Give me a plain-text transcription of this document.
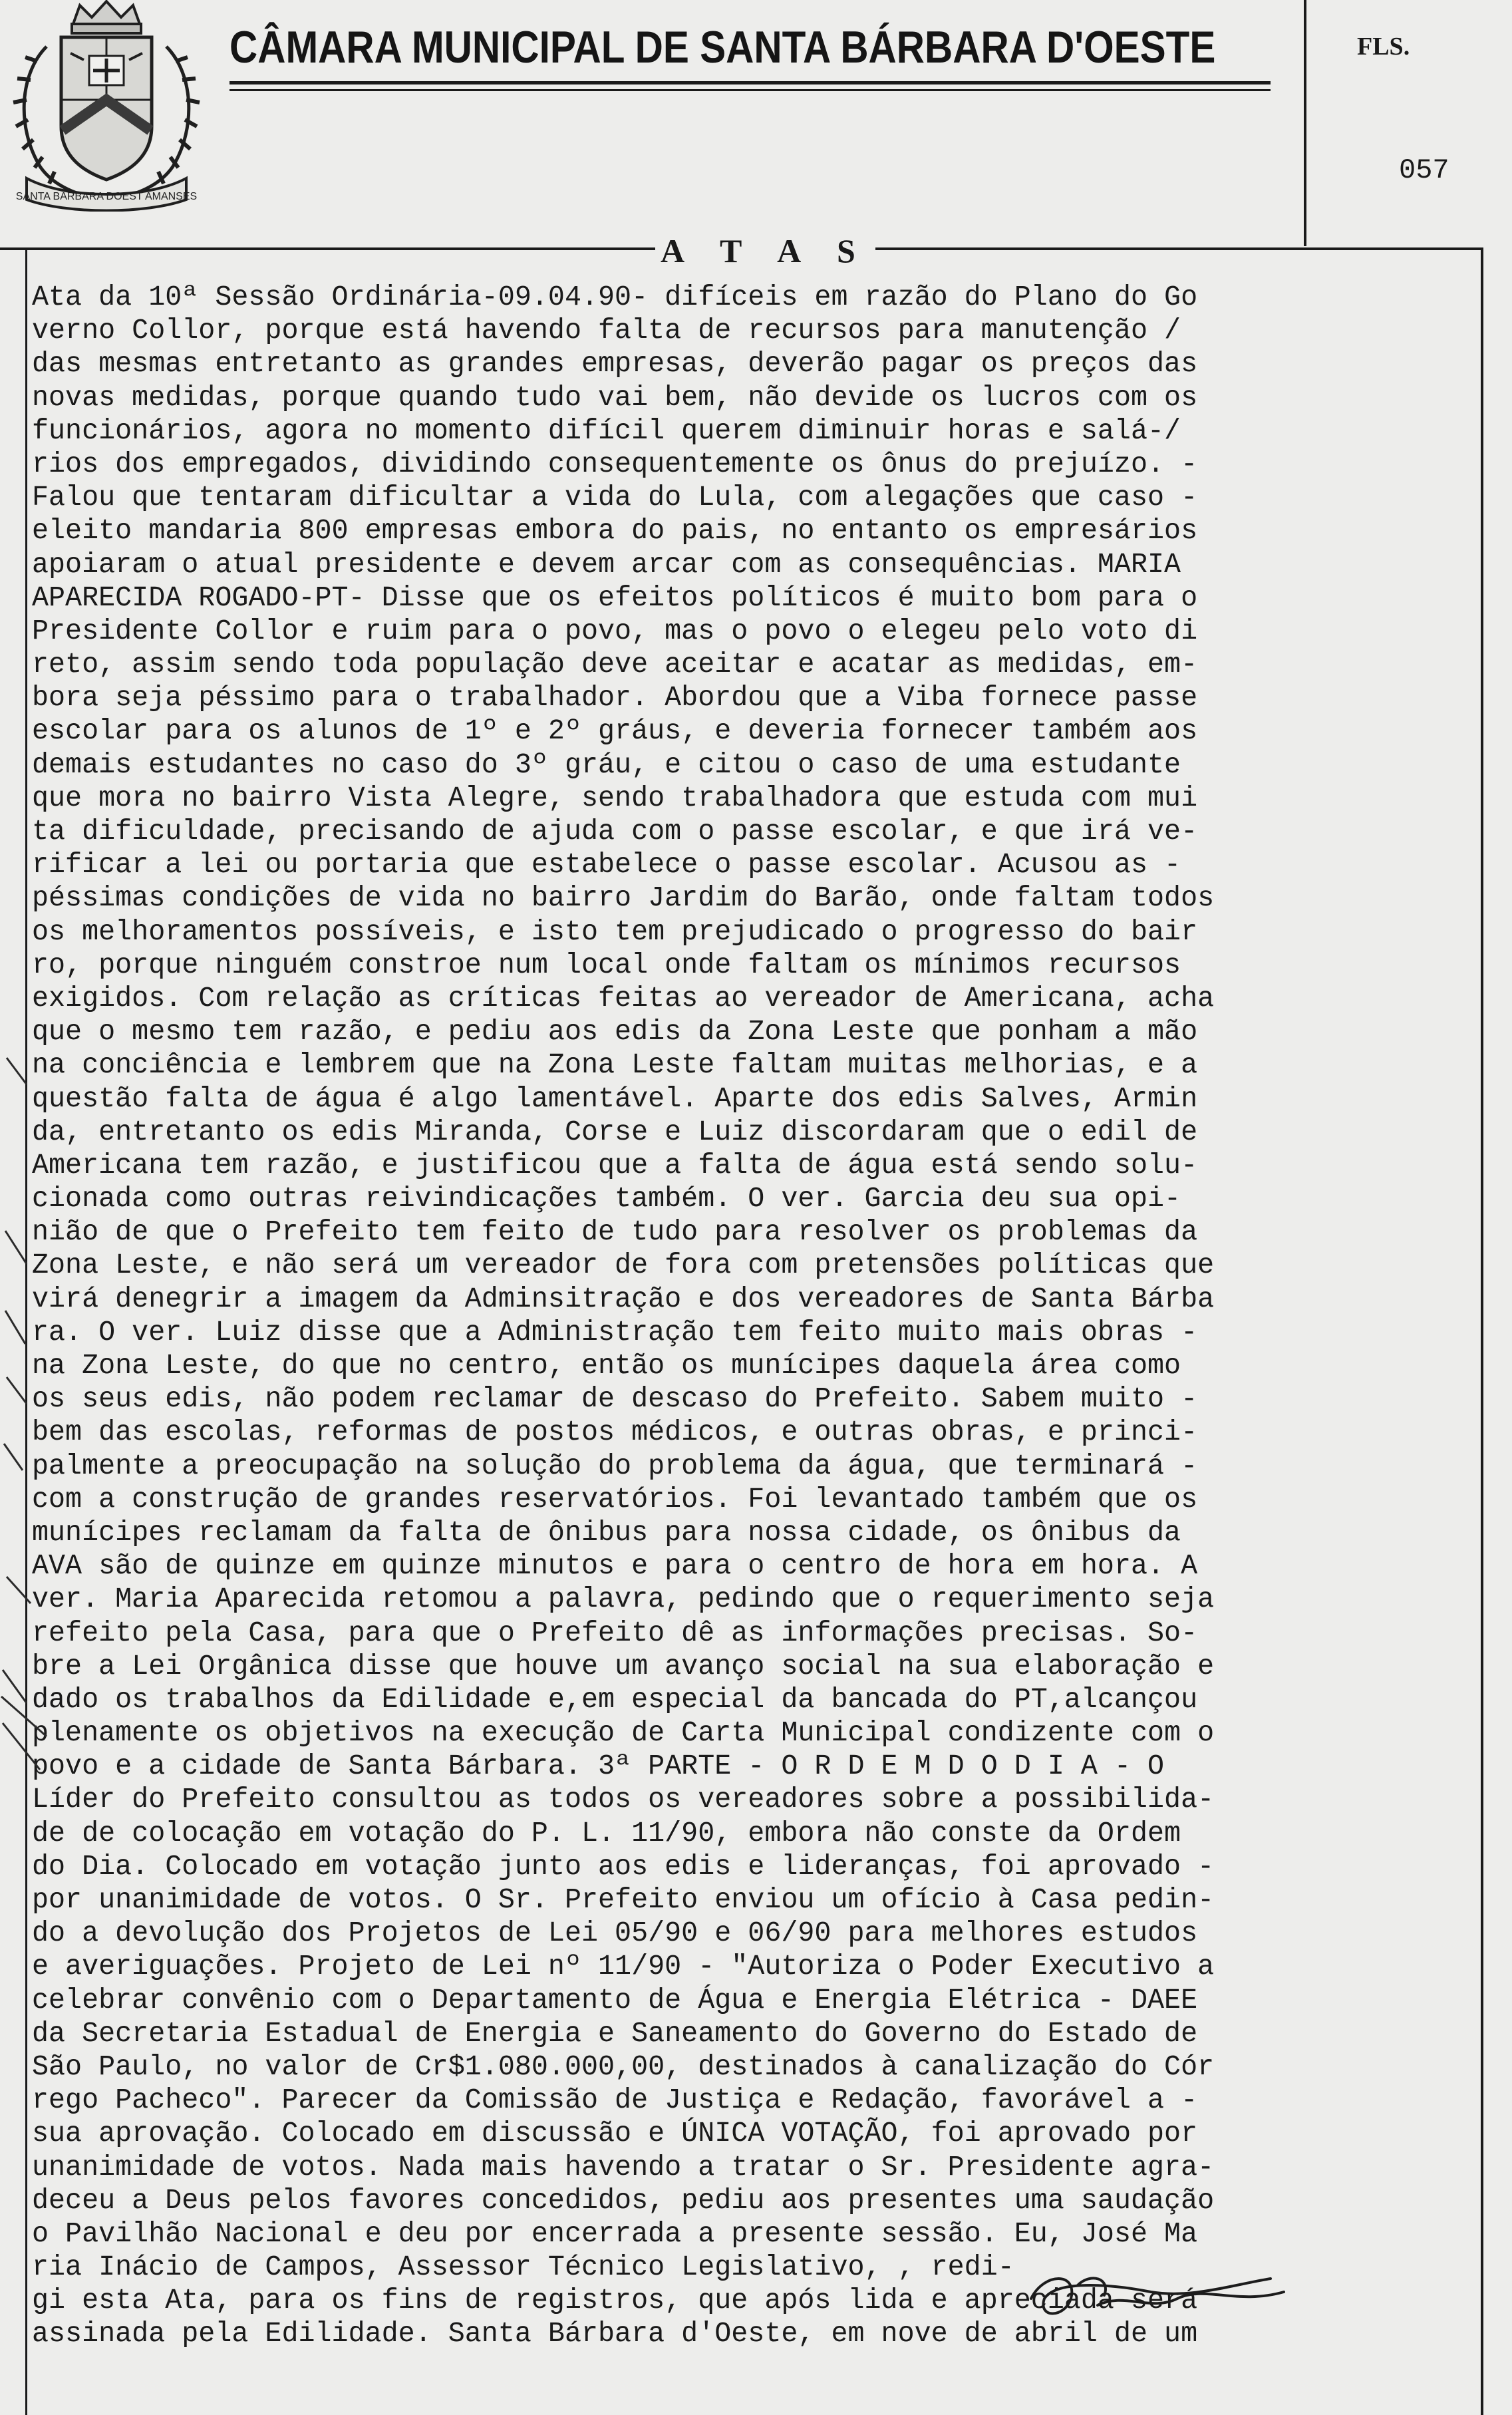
SANTA BARBARA DOEST AMANSES
CÂMARA MUNICIPAL DE SANTA BÁRBARA D'OESTE	FLS.
057
A T A S
Ata da 10ª Sessão Ordinária-09.04.90- difíceis em razão do Plano do Go
verno Collor, porque está havendo falta de recursos para manutenção /
das mesmas entretanto as grandes empresas, deverão pagar os preços das
novas medidas, porque quando tudo vai bem, não devide os lucros com os
funcionários, agora no momento difícil querem diminuir horas e salá-/
rios dos empregados, dividindo consequentemente os ônus do prejuízo. -
Falou que tentaram dificultar a vida do Lula, com alegações que caso -
eleito mandaria 800 empresas embora do pais, no entanto os empresários
apoiaram o atual presidente e devem arcar com as consequências. MARIA
APARECIDA ROGADO-PT- Disse que os efeitos políticos é muito bom para o
Presidente Collor e ruim para o povo, mas o povo o elegeu pelo voto di
reto, assim sendo toda população deve aceitar e acatar as medidas, em-
bora seja péssimo para o trabalhador. Abordou que a Viba fornece passe
escolar para os alunos de 1º e 2º gráus, e deveria fornecer também aos
demais estudantes no caso do 3º gráu, e citou o caso de uma estudante
que mora no bairro Vista Alegre, sendo trabalhadora que estuda com mui
ta dificuldade, precisando de ajuda com o passe escolar, e que irá ve-
rificar a lei ou portaria que estabelece o passe escolar. Acusou as -
péssimas condições de vida no bairro Jardim do Barão, onde faltam todos
os melhoramentos possíveis, e isto tem prejudicado o progresso do bair
ro, porque ninguém constroe num local onde faltam os mínimos recursos
exigidos. Com relação as críticas feitas ao vereador de Americana, acha
que o mesmo tem razão, e pediu aos edis da Zona Leste que ponham a mão
na conciência e lembrem que na Zona Leste faltam muitas melhorias, e a
questão falta de água é algo lamentável. Aparte dos edis Salves, Armin
da, entretanto os edis Miranda, Corse e Luiz discordaram que o edil de
Americana tem razão, e justificou que a falta de água está sendo solu-
cionada como outras reivindicações também. O ver. Garcia deu sua opi-
nião de que o Prefeito tem feito de tudo para resolver os problemas da
Zona Leste, e não será um vereador de fora com pretensões políticas que
virá denegrir a imagem da Adminsitração e dos vereadores de Santa Bárba
ra. O ver. Luiz disse que a Administração tem feito muito mais obras -
na Zona Leste, do que no centro, então os munícipes daquela área como
os seus edis, não podem reclamar de descaso do Prefeito. Sabem muito -
bem das escolas, reformas de postos médicos, e outras obras, e princi-
palmente a preocupação na solução do problema da água, que terminará -
com a construção de grandes reservatórios. Foi levantado também que os
munícipes reclamam da falta de ônibus para nossa cidade, os ônibus da
AVA são de quinze em quinze minutos e para o centro de hora em hora. A
ver. Maria Aparecida retomou a palavra, pedindo que o requerimento seja
refeito pela Casa, para que o Prefeito dê as informações precisas. So-
bre a Lei Orgânica disse que houve um avanço social na sua elaboração e
dado os trabalhos da Edilidade e,em especial da bancada do PT,alcançou
plenamente os objetivos na execução de Carta Municipal condizente com o
povo e a cidade de Santa Bárbara. 3ª PARTE - O R D E M D O D I A - O
Líder do Prefeito consultou as todos os vereadores sobre a possibilida-
de de colocação em votação do P. L. 11/90, embora não conste da Ordem
do Dia. Colocado em votação junto aos edis e lideranças, foi aprovado -
por unanimidade de votos. O Sr. Prefeito enviou um ofício à Casa pedin-
do a devolução dos Projetos de Lei 05/90 e 06/90 para melhores estudos
e averiguações. Projeto de Lei nº 11/90 - "Autoriza o Poder Executivo a
celebrar convênio com o Departamento de Água e Energia Elétrica - DAEE
da Secretaria Estadual de Energia e Saneamento do Governo do Estado de
São Paulo, no valor de Cr$1.080.000,00, destinados à canalização do Cór
rego Pacheco". Parecer da Comissão de Justiça e Redação, favorável a -
sua aprovação. Colocado em discussão e ÚNICA VOTAÇÃO, foi aprovado por
unanimidade de votos. Nada mais havendo a tratar o Sr. Presidente agra-
deceu a Deus pelos favores concedidos, pediu aos presentes uma saudação
o Pavilhão Nacional e deu por encerrada a presente sessão. Eu, José Ma
ria Inácio de Campos, Assessor Técnico Legislativo, , redi-
gi esta Ata, para os fins de registros, que após lida e apreciada será
assinada pela Edilidade. Santa Bárbara d'Oeste, em nove de abril de um
